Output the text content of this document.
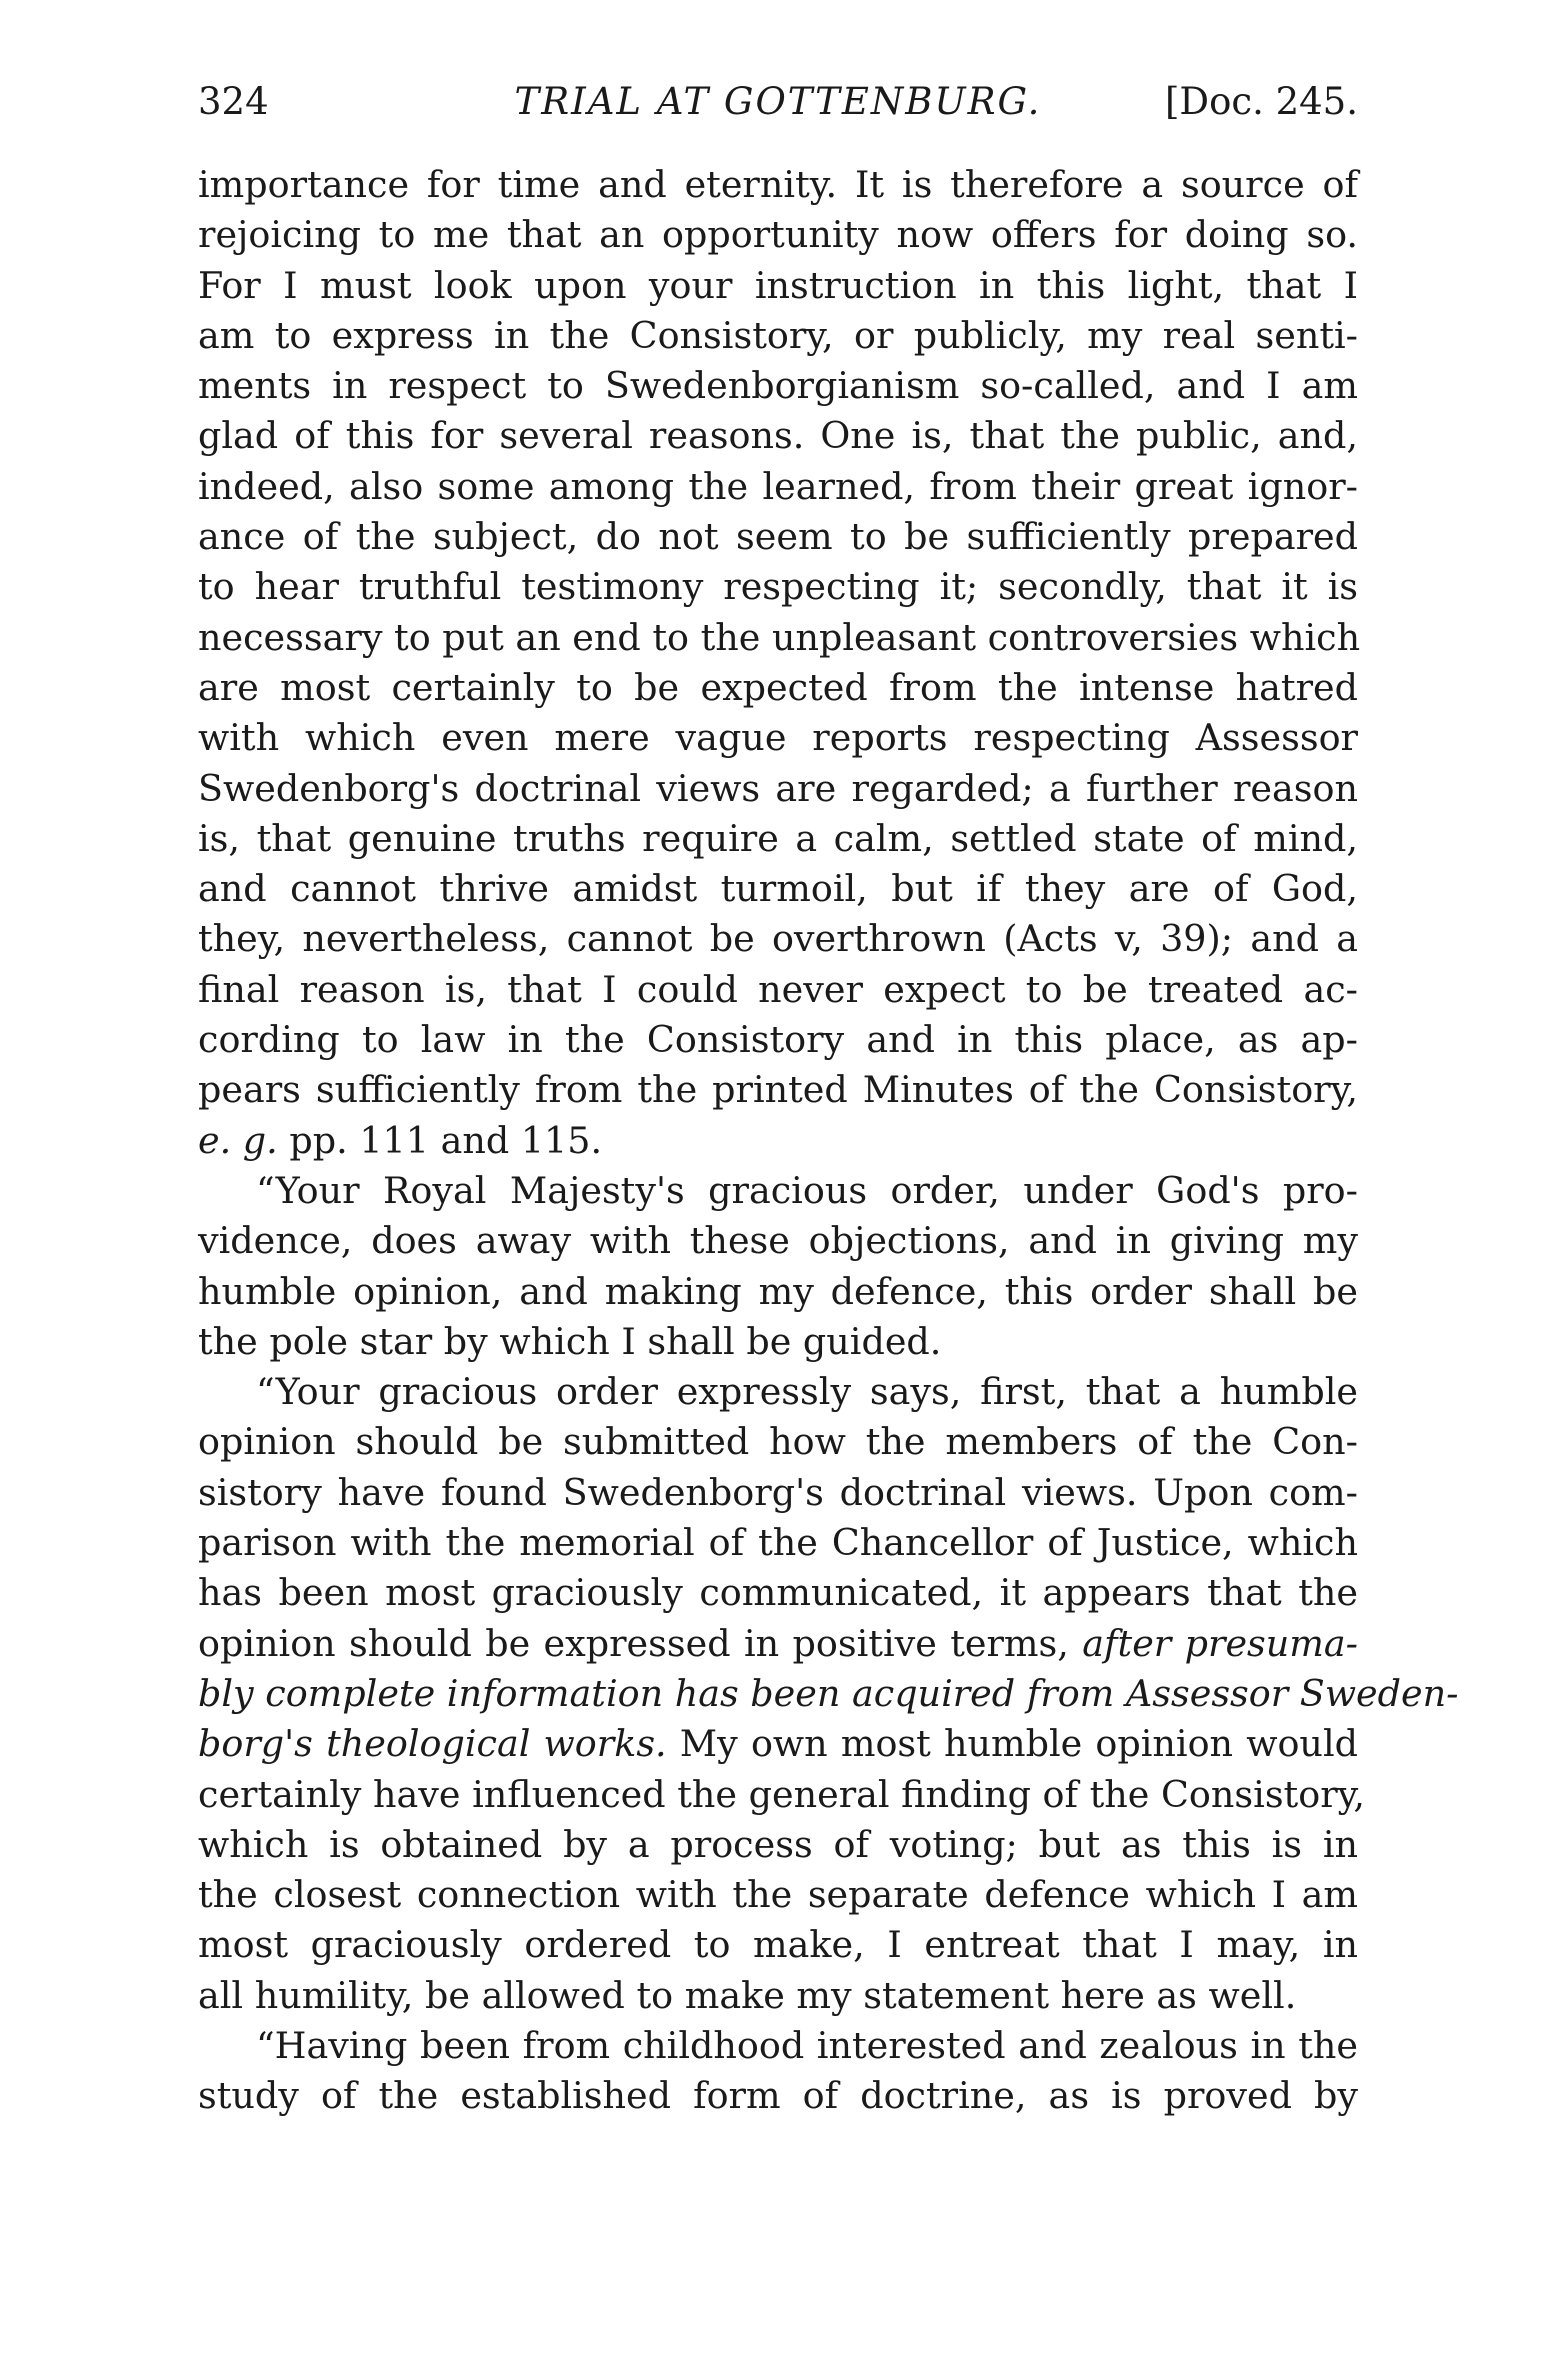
324	TRIAL AT GOTTENBURG.	[Doc. 245.
importance for time and eternity. It is therefore a source of
rejoicing to me that an opportunity now offers for doing so.
For I must look upon your instruction in this light, that I
am to express in the Consistory, or publicly, my real senti-
ments in respect to Swedenborgianism so-called, and I am
glad of this for several reasons. One is, that the public, and,
indeed, also some among the learned, from their great ignor-
ance of the subject, do not seem to be sufficiently prepared
to hear truthful testimony respecting it; secondly, that it is
necessary to put an end to the unpleasant controversies which
are most certainly to be expected from the intense hatred
with which even mere vague reports respecting Assessor
Swedenborg's doctrinal views are regarded; a further reason
is, that genuine truths require a calm, settled state of mind,
and cannot thrive amidst turmoil, but if they are of God,
they, nevertheless, cannot be overthrown (Acts v, 39); and a
final reason is, that I could never expect to be treated ac-
cording to law in the Consistory and in this place, as ap-
pears sufficiently from the printed Minutes of the Consistory,
e. g. pp. 111 and 115.
“Your Royal Majesty's gracious order, under God's pro-
vidence, does away with these objections, and in giving my
humble opinion, and making my defence, this order shall be
the pole star by which I shall be guided.
“Your gracious order expressly says, first, that a humble
opinion should be submitted how the members of the Con-
sistory have found Swedenborg's doctrinal views. Upon com-
parison with the memorial of the Chancellor of Justice, which
has been most graciously communicated, it appears that the
opinion should be expressed in positive terms, after presuma-
bly complete information has been acquired from Assessor Sweden-
borg's theological works. My own most humble opinion would
certainly have influenced the general finding of the Consistory,
which is obtained by a process of voting; but as this is in
the closest connection with the separate defence which I am
most graciously ordered to make, I entreat that I may, in
all humility, be allowed to make my statement here as well.
“Having been from childhood interested and zealous in the
study of the established form of doctrine, as is proved by
